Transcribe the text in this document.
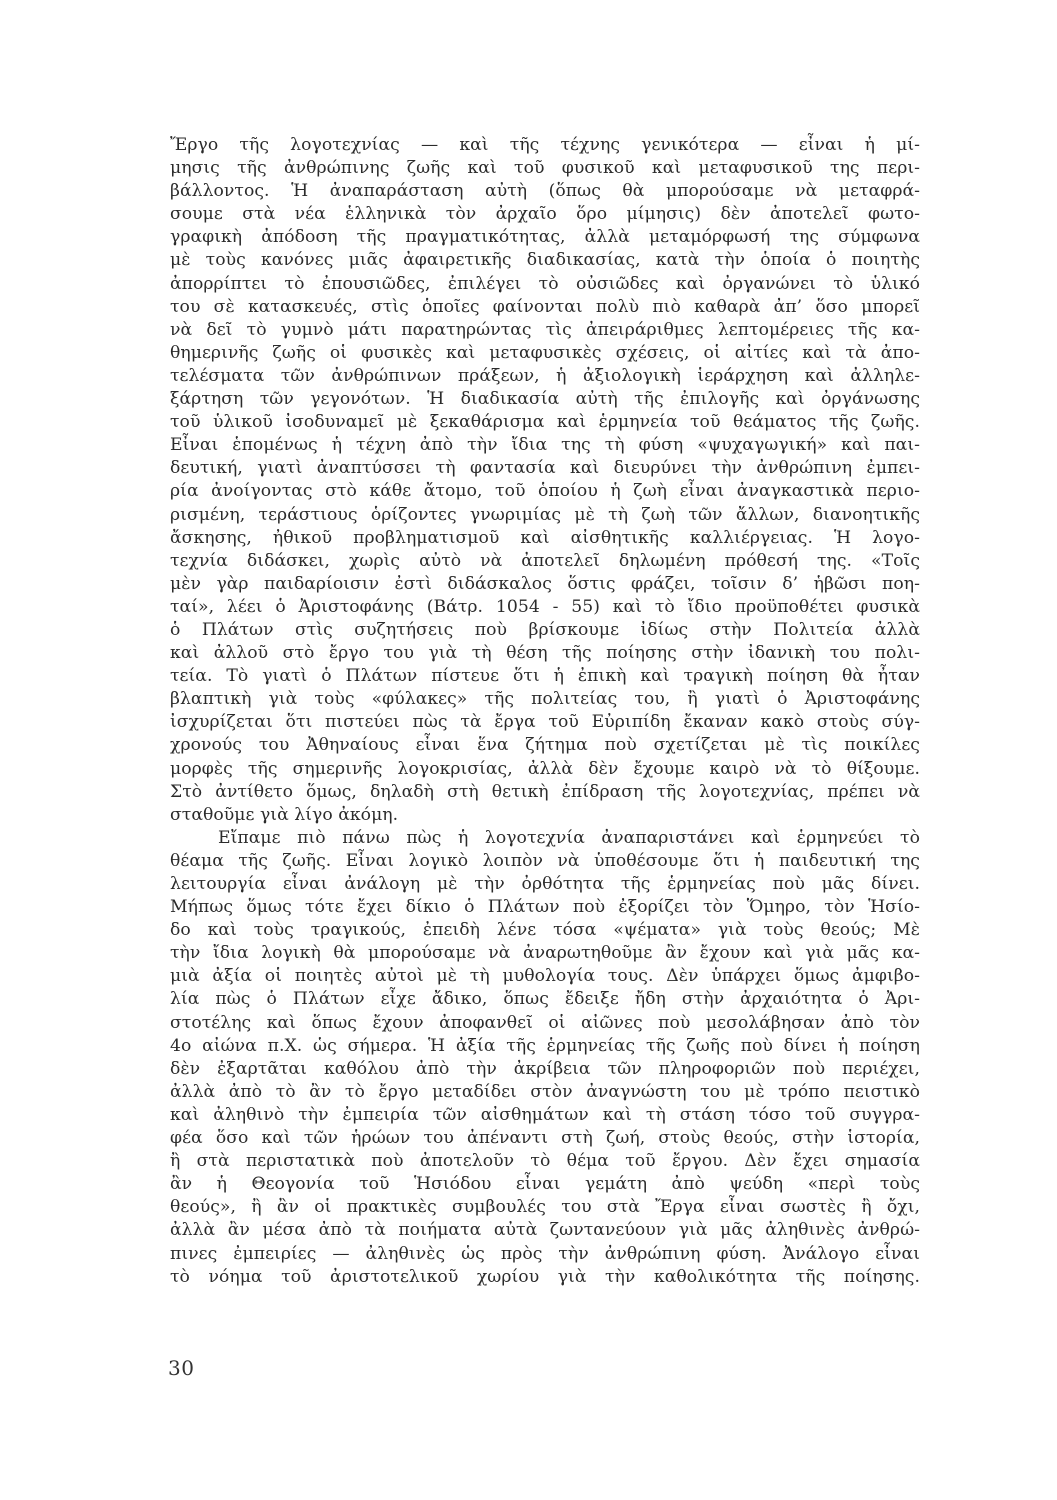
Ἔργο τῆς λογοτεχνίας — καὶ τῆς τέχνης γενικότερα — εἶναι ἡ μί-
μησις τῆς ἀνθρώπινης ζωῆς καὶ τοῦ φυσικοῦ καὶ μεταφυσικοῦ της περι-
βάλλοντος. Ἡ ἀναπαράσταση αὐτὴ (ὅπως θὰ μπορούσαμε νὰ μεταφρά-
σουμε στὰ νέα ἑλληνικὰ τὸν ἀρχαῖο ὅρο μίμησις) δὲν ἀποτελεῖ φωτο-
γραφικὴ ἀπόδοση τῆς πραγματικότητας, ἀλλὰ μεταμόρφωσή της σύμφωνα
μὲ τοὺς κανόνες μιᾶς ἀφαιρετικῆς διαδικασίας, κατὰ τὴν ὁποία ὁ ποιητὴς
ἀπορρίπτει τὸ ἐπουσιῶδες, ἐπιλέγει τὸ οὐσιῶδες καὶ ὀργανώνει τὸ ὑλικό
του σὲ κατασκευές, στὶς ὁποῖες φαίνονται πολὺ πιὸ καθαρὰ ἀπ’ ὅσο μπορεῖ
νὰ δεῖ τὸ γυμνὸ μάτι παρατηρώντας τὶς ἀπειράριθμες λεπτομέρειες τῆς κα-
θημερινῆς ζωῆς οἱ φυσικὲς καὶ μεταφυσικὲς σχέσεις, οἱ αἰτίες καὶ τὰ ἀπο-
τελέσματα τῶν ἀνθρώπινων πράξεων, ἡ ἀξιολογικὴ ἱεράρχηση καὶ ἀλληλε-
ξάρτηση τῶν γεγονότων. Ἡ διαδικασία αὐτὴ τῆς ἐπιλογῆς καὶ ὀργάνωσης
τοῦ ὑλικοῦ ἰσοδυναμεῖ μὲ ξεκαθάρισμα καὶ ἑρμηνεία τοῦ θεάματος τῆς ζωῆς.
Εἶναι ἑπομένως ἡ τέχνη ἀπὸ τὴν ἴδια της τὴ φύση «ψυχαγωγική» καὶ παι-
δευτική, γιατὶ ἀναπτύσσει τὴ φαντασία καὶ διευρύνει τὴν ἀνθρώπινη ἐμπει-
ρία ἀνοίγοντας στὸ κάθε ἄτομο, τοῦ ὁποίου ἡ ζωὴ εἶναι ἀναγκαστικὰ περιο-
ρισμένη, τεράστιους ὁρίζοντες γνωριμίας μὲ τὴ ζωὴ τῶν ἄλλων, διανοητικῆς
ἄσκησης, ἠθικοῦ προβληματισμοῦ καὶ αἰσθητικῆς καλλιέργειας. Ἡ λογο-
τεχνία διδάσκει, χωρὶς αὐτὸ νὰ ἀποτελεῖ δηλωμένη πρόθεσή της. «Τοῖς
μὲν γὰρ παιδαρίοισιν ἐστὶ διδάσκαλος ὅστις φράζει, τοῖσιν δ’ ἡβῶσι ποη-
ταί», λέει ὁ Ἀριστοφάνης (Βάτρ. 1054 - 55) καὶ τὸ ἴδιο προϋποθέτει φυσικὰ
ὁ Πλάτων στὶς συζητήσεις ποὺ βρίσκουμε ἰδίως στὴν Πολιτεία ἀλλὰ
καὶ ἀλλοῦ στὸ ἔργο του γιὰ τὴ θέση τῆς ποίησης στὴν ἰδανικὴ του πολι-
τεία. Τὸ γιατὶ ὁ Πλάτων πίστευε ὅτι ἡ ἐπικὴ καὶ τραγικὴ ποίηση θὰ ἦταν
βλαπτικὴ γιὰ τοὺς «φύλακες» τῆς πολιτείας του, ἢ γιατὶ ὁ Ἀριστοφάνης
ἰσχυρίζεται ὅτι πιστεύει πὼς τὰ ἔργα τοῦ Εὐριπίδη ἔκαναν κακὸ στοὺς σύγ-
χρονούς του Ἀθηναίους εἶναι ἕνα ζήτημα ποὺ σχετίζεται μὲ τὶς ποικίλες
μορφὲς τῆς σημερινῆς λογοκρισίας, ἀλλὰ δὲν ἔχουμε καιρὸ νὰ τὸ θίξουμε.
Στὸ ἀντίθετο ὅμως, δηλαδὴ στὴ θετικὴ ἐπίδραση τῆς λογοτεχνίας, πρέπει νὰ
σταθοῦμε γιὰ λίγο ἀκόμη.
Εἴπαμε πιὸ πάνω πὼς ἡ λογοτεχνία ἀναπαριστάνει καὶ ἑρμηνεύει τὸ
θέαμα τῆς ζωῆς. Εἶναι λογικὸ λοιπὸν νὰ ὑποθέσουμε ὅτι ἡ παιδευτική της
λειτουργία εἶναι ἀνάλογη μὲ τὴν ὀρθότητα τῆς ἑρμηνείας ποὺ μᾶς δίνει.
Μήπως ὅμως τότε ἔχει δίκιο ὁ Πλάτων ποὺ ἐξορίζει τὸν Ὅμηρο, τὸν Ἡσίο-
δο καὶ τοὺς τραγικούς, ἐπειδὴ λένε τόσα «ψέματα» γιὰ τοὺς θεούς; Μὲ
τὴν ἴδια λογικὴ θὰ μπορούσαμε νὰ ἀναρωτηθοῦμε ἂν ἔχουν καὶ γιὰ μᾶς κα-
μιὰ ἀξία οἱ ποιητὲς αὐτοὶ μὲ τὴ μυθολογία τους. Δὲν ὑπάρχει ὅμως ἀμφιβο-
λία πὼς ὁ Πλάτων εἶχε ἄδικο, ὅπως ἔδειξε ἤδη στὴν ἀρχαιότητα ὁ Ἀρι-
στοτέλης καὶ ὅπως ἔχουν ἀποφανθεῖ οἱ αἰῶνες ποὺ μεσολάβησαν ἀπὸ τὸν
4ο αἰώνα π.Χ. ὡς σήμερα. Ἡ ἀξία τῆς ἑρμηνείας τῆς ζωῆς ποὺ δίνει ἡ ποίηση
δὲν ἐξαρτᾶται καθόλου ἀπὸ τὴν ἀκρίβεια τῶν πληροφοριῶν ποὺ περιέχει,
ἀλλὰ ἀπὸ τὸ ἂν τὸ ἔργο μεταδίδει στὸν ἀναγνώστη του μὲ τρόπο πειστικὸ
καὶ ἀληθινὸ τὴν ἐμπειρία τῶν αἰσθημάτων καὶ τὴ στάση τόσο τοῦ συγγρα-
φέα ὅσο καὶ τῶν ἡρώων του ἀπέναντι στὴ ζωή, στοὺς θεούς, στὴν ἱστορία,
ἢ στὰ περιστατικὰ ποὺ ἀποτελοῦν τὸ θέμα τοῦ ἔργου. Δὲν ἔχει σημασία
ἂν ἡ Θεογονία τοῦ Ἡσιόδου εἶναι γεμάτη ἀπὸ ψεύδη «περὶ τοὺς
θεούς», ἢ ἂν οἱ πρακτικὲς συμβουλές του στὰ Ἔργα εἶναι σωστὲς ἢ ὄχι,
ἀλλὰ ἂν μέσα ἀπὸ τὰ ποιήματα αὐτὰ ζωντανεύουν γιὰ μᾶς ἀληθινὲς ἀνθρώ-
πινες ἐμπειρίες — ἀληθινὲς ὡς πρὸς τὴν ἀνθρώπινη φύση. Ἀνάλογο εἶναι
τὸ νόημα τοῦ ἀριστοτελικοῦ χωρίου γιὰ τὴν καθολικότητα τῆς ποίησης.
30
